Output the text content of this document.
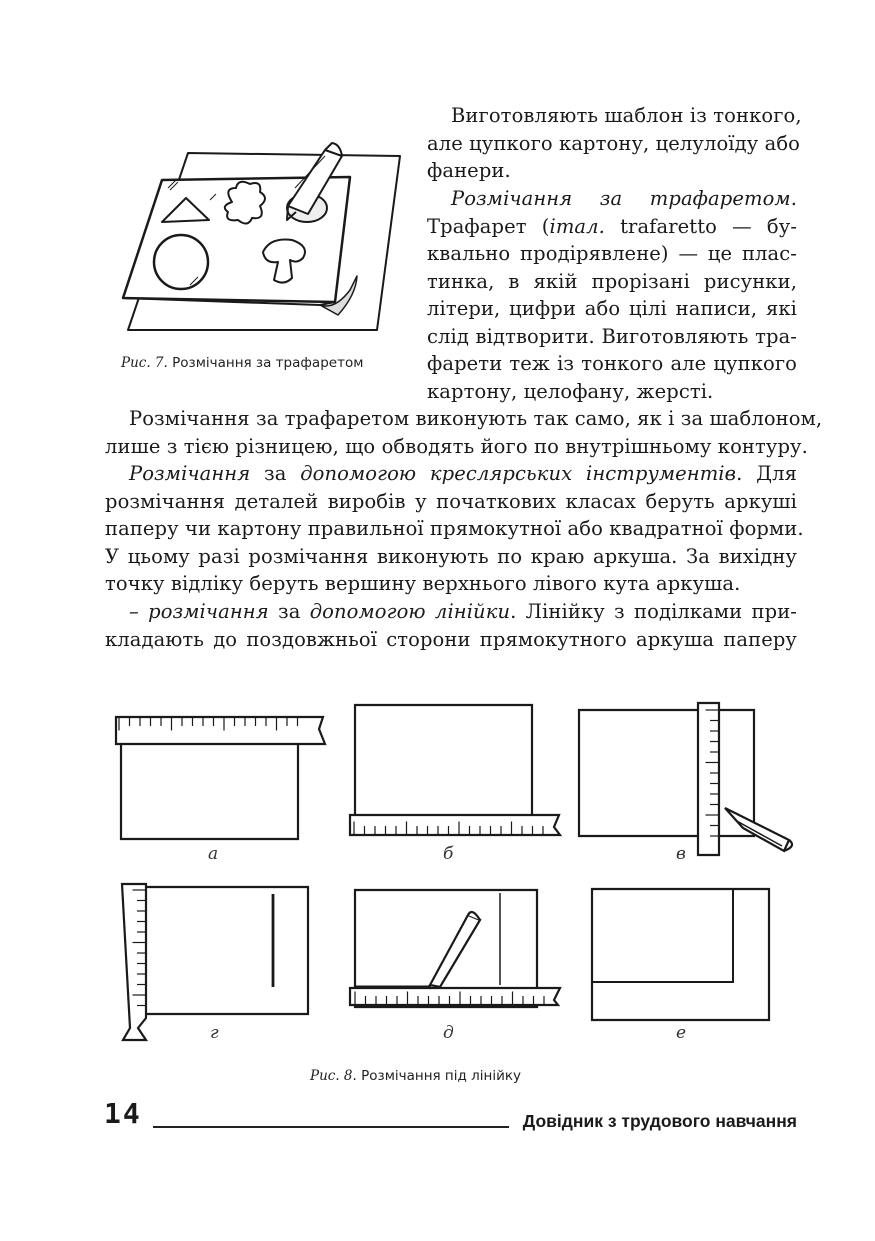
Рис. 7. Розмічання за трафаретом
Виготовляють шаблон із тонкого,
але цупкого картону, целулоїду або
фанери.
Розмічання за трафаретом.
Трафарет (італ. trafaretto — бу-
квально продірявлене) — це плас-
тинка, в якій прорізані рисунки,
літери, цифри або цілі написи, які
слід відтворити. Виготовляють тра-
фарети теж із тонкого але цупкого
картону, целофану, жерсті.
Розмічання за трафаретом виконують так само, як і за шаблоном,
лише з тією різницею, що обводять його по внутрішньому контуру.
Розмічання за допомогою креслярських інструментів. Для
розмічання деталей виробів у початкових класах беруть аркуші
паперу чи картону правильної прямокутної або квадратної форми.
У цьому разі розмічання виконують по краю аркуша. За вихідну
точку відліку беруть вершину верхнього лівого кута аркуша.
– розмічання за допомогою лінійки. Лінійку з поділками при-
кладають до поздовжньої сторони прямокутного аркуша паперу
а	б	в
г	д	е
Рис. 8. Розмічання під лінійку
14	Довідник з трудового навчання
